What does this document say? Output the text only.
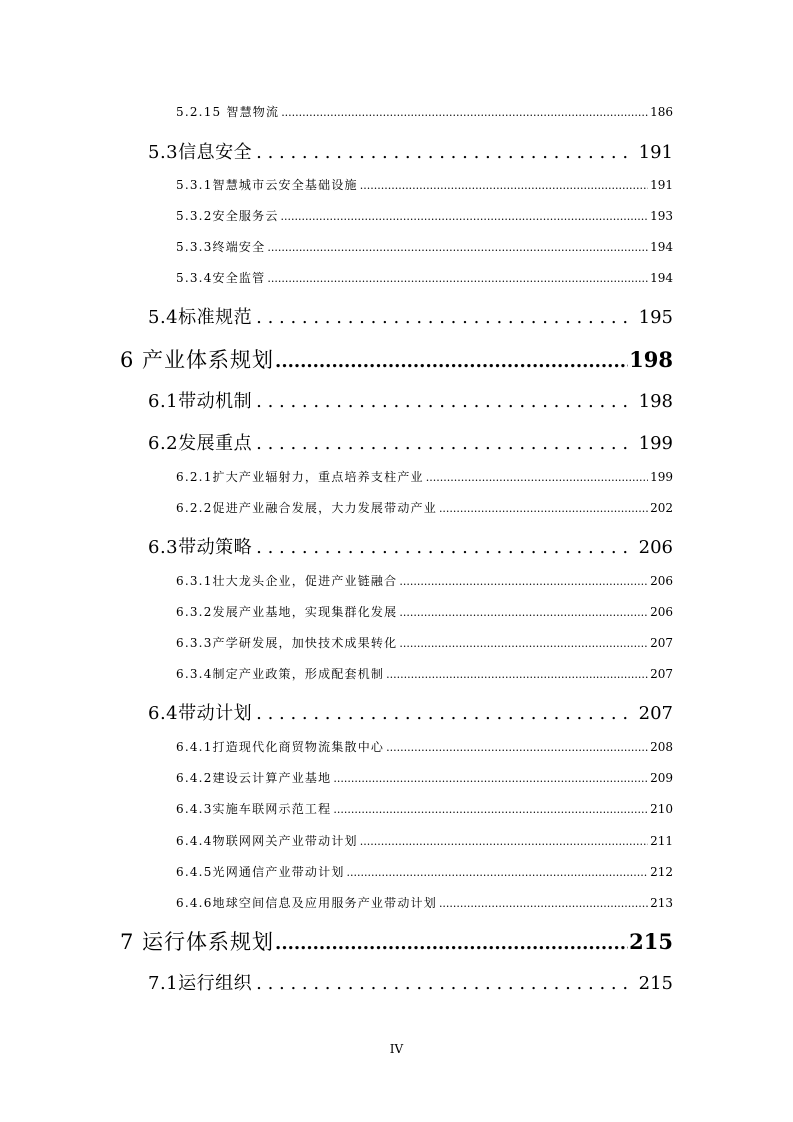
5.2.15 智慧物流 .....	186
5.3信息安全 . . .	191
5.3.1智慧城市云安全基础设施 .....	191
5.3.2安全服务云 .....	193
5.3.3终端安全 .....	194
5.3.4安全监管 .....	194
5.4标准规范 . . .	195
6 产业体系规划 .....	198
6.1带动机制 . . .	198
6.2发展重点 . . .	199
6.2.1扩大产业辐射力，重点培养支柱产业 .....	199
6.2.2促进产业融合发展，大力发展带动产业 .....	202
6.3带动策略 . . .	206
6.3.1壮大龙头企业，促进产业链融合 .....	206
6.3.2发展产业基地，实现集群化发展 .....	206
6.3.3产学研发展，加快技术成果转化 .....	207
6.3.4制定产业政策，形成配套机制 .....	207
6.4带动计划 . . .	207
6.4.1打造现代化商贸物流集散中心 .....	208
6.4.2建设云计算产业基地 .....	209
6.4.3实施车联网示范工程 .....	210
6.4.4物联网网关产业带动计划 .....	211
6.4.5光网通信产业带动计划 .....	212
6.4.6地球空间信息及应用服务产业带动计划 .....	213
7 运行体系规划 .....	215
7.1运行组织 . . .	215
IV
